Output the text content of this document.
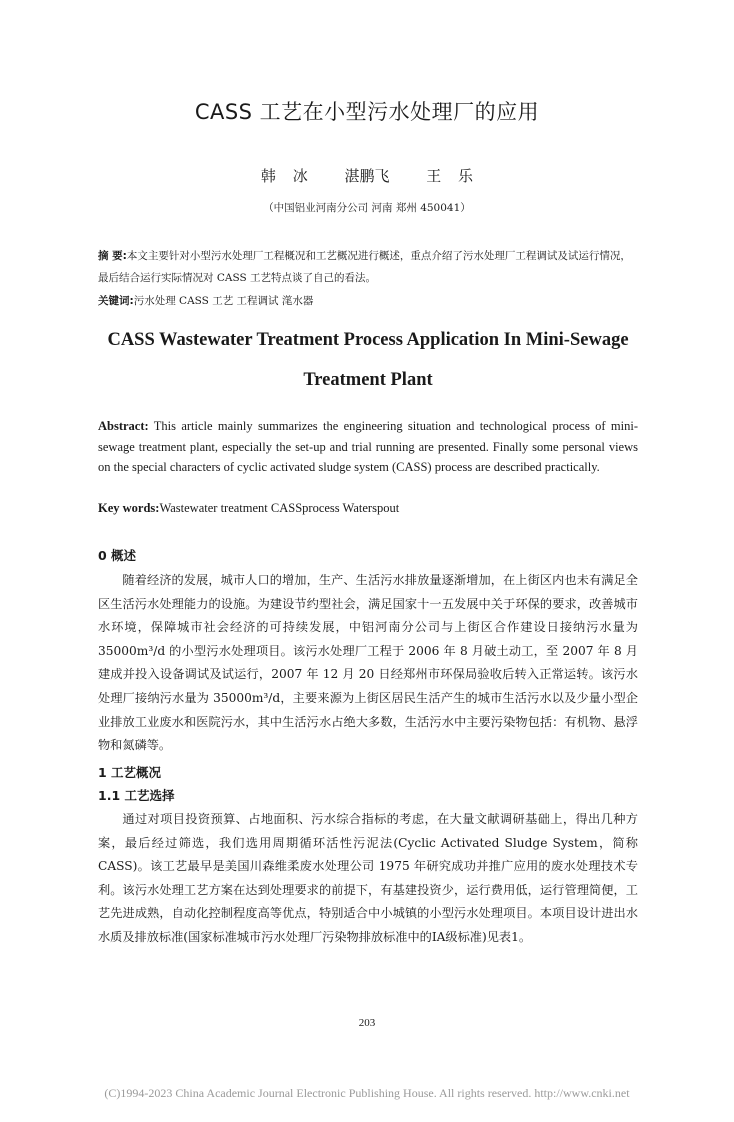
CASS 工艺在小型污水处理厂的应用
韩 冰 湛鹏飞 王 乐
（中国铝业河南分公司 河南 郑州 450041）
摘 要:本文主要针对小型污水处理厂工程概况和工艺概况进行概述，重点介绍了污水处理厂工程调试及试运行情况，最后结合运行实际情况对 CASS 工艺特点谈了自己的看法。
关键词:污水处理 CASS 工艺 工程调试 滗水器
CASS Wastewater Treatment Process Application In Mini-Sewage Treatment Plant
Abstract: This article mainly summarizes the engineering situation and technological process of mini-sewage treatment plant, especially the set-up and trial running are presented. Finally some personal views on the special characters of cyclic activated sludge system (CASS) process are described practically.
Key words:Wastewater treatment CASSprocess Waterspout
0 概述
随着经济的发展，城市人口的增加，生产、生活污水排放量逐渐增加，在上街区内也未有满足全区生活污水处理能力的设施。为建设节约型社会，满足国家十一五发展中关于环保的要求，改善城市水环境，保障城市社会经济的可持续发展，中铝河南分公司与上街区合作建设日接纳污水量为 35000m³/d 的小型污水处理项目。该污水处理厂工程于 2006 年 8 月破土动工，至 2007 年 8 月建成并投入设备调试及试运行，2007 年 12 月 20 日经郑州市环保局验收后转入正常运转。该污水处理厂接纳污水量为 35000m³/d，主要来源为上街区居民生活产生的城市生活污水以及少量小型企业排放工业废水和医院污水，其中生活污水占绝大多数，生活污水中主要污染物包括：有机物、悬浮物和氮磷等。
1 工艺概况
1.1 工艺选择
通过对项目投资预算、占地面积、污水综合指标的考虑，在大量文献调研基础上，得出几种方案，最后经过筛选，我们选用周期循环活性污泥法(Cyclic Activated Sludge System，简称CASS)。该工艺最早是美国川森维柔废水处理公司 1975 年研究成功并推广应用的废水处理技术专利。该污水处理工艺方案在达到处理要求的前提下，有基建投资少，运行费用低，运行管理简便，工艺先进成熟，自动化控制程度高等优点，特别适合中小城镇的小型污水处理项目。本项目设计进出水水质及排放标准(国家标准城市污水处理厂污染物排放标准中的IA级标准)见表1。
203
(C)1994-2023 China Academic Journal Electronic Publishing House. All rights reserved. http://www.cnki.net
